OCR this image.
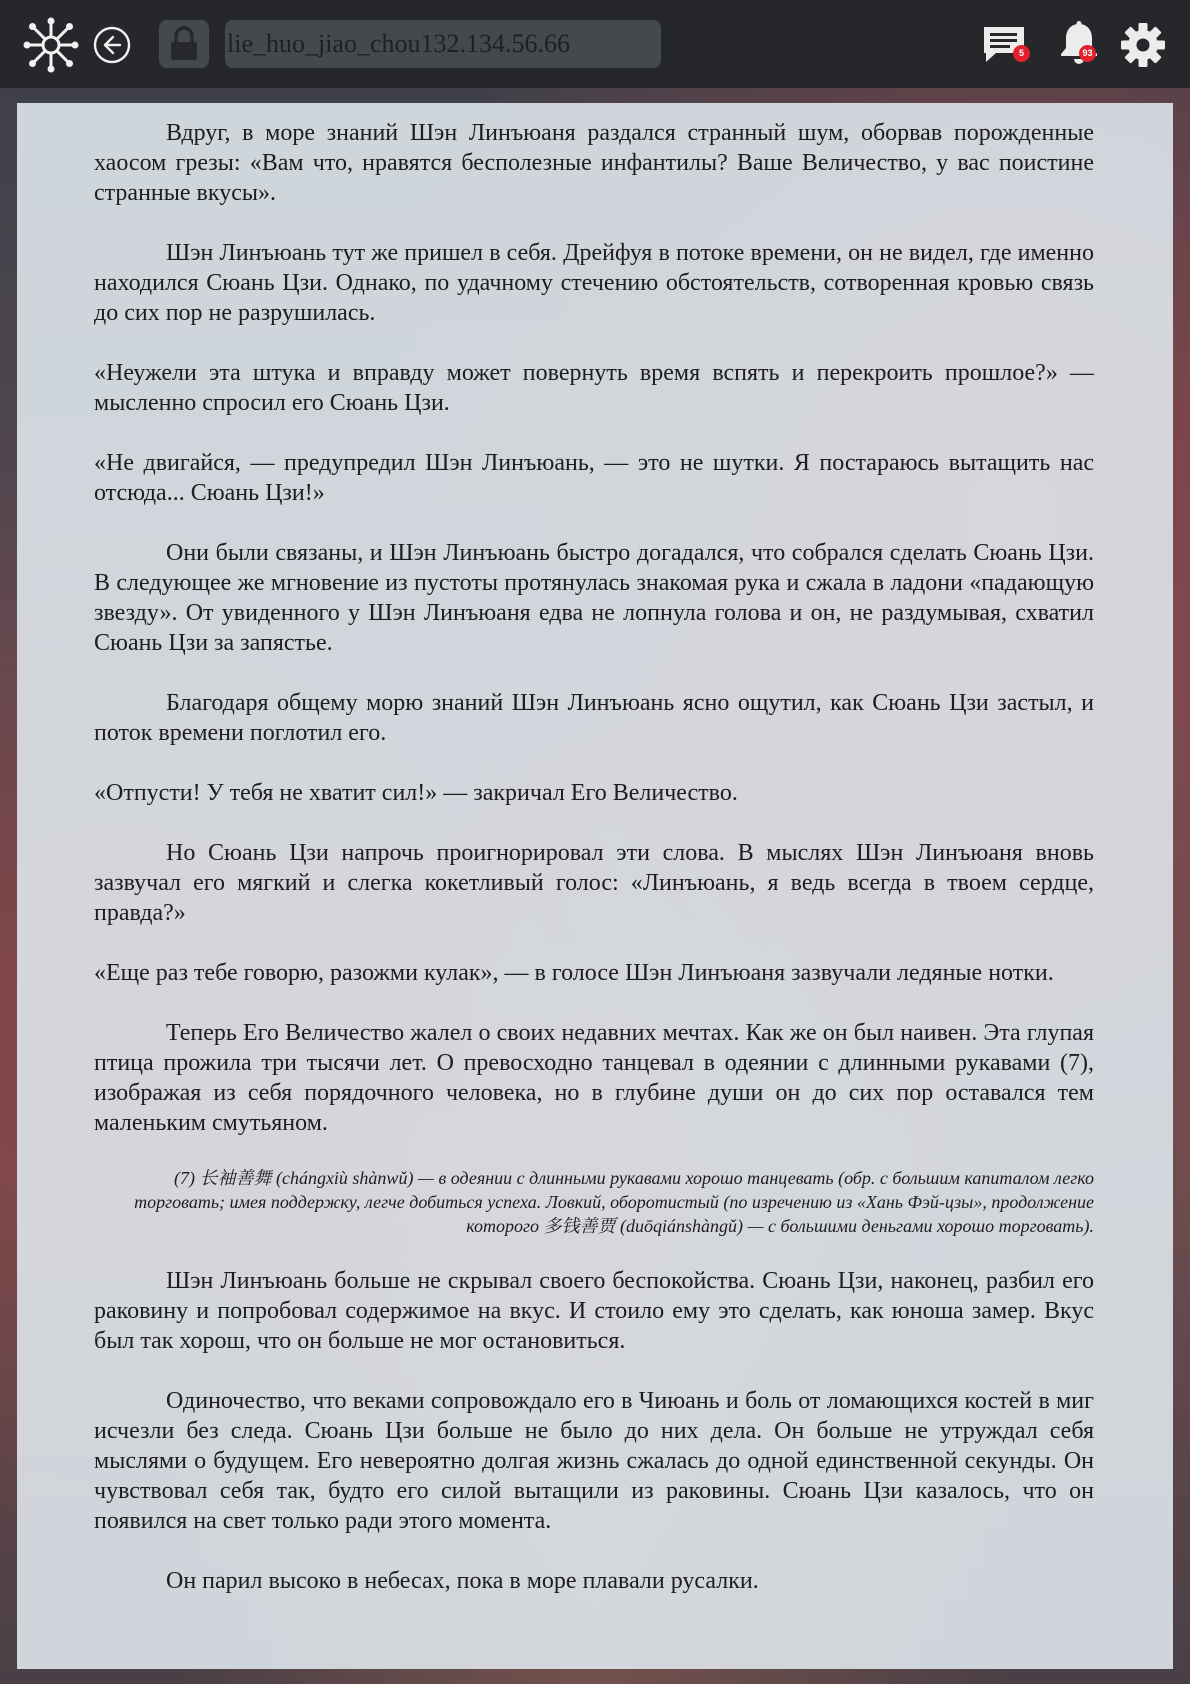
lie_huo_jiao_chou132.134.56.66	5	93

Вдруг, в море знаний Шэн Линъюаня раздался странный шум, оборвав порожденные хаосом грезы: «Вам что, нравятся бесполезные инфантилы? Ваше Величество, у вас поистине странные вкусы».

Шэн Линъюань тут же пришел в себя. Дрейфуя в потоке времени, он не видел, где именно находился Сюань Цзи. Однако, по удачному стечению обстоятельств, сотворенная кровью связь до сих пор не разрушилась.

«Неужели эта штука и вправду может повернуть время вспять и перекроить прошлое?» — мысленно спросил его Сюань Цзи.

«Не двигайся, — предупредил Шэн Линъюань, — это не шутки. Я постараюсь вытащить нас отсюда... Сюань Цзи!»

Они были связаны, и Шэн Линъюань быстро догадался, что собрался сделать Сюань Цзи. В следующее же мгновение из пустоты протянулась знакомая рука и сжала в ладони «падающую звезду». От увиденного у Шэн Линъюаня едва не лопнула голова и он, не раздумывая, схватил Сюань Цзи за запястье.

Благодаря общему морю знаний Шэн Линъюань ясно ощутил, как Сюань Цзи застыл, и поток времени поглотил его.

«Отпусти! У тебя не хватит сил!» — закричал Его Величество.

Но Сюань Цзи напрочь проигнорировал эти слова. В мыслях Шэн Линъюаня вновь зазвучал его мягкий и слегка кокетливый голос: «Линъюань, я ведь всегда в твоем сердце, правда?»

«Еще раз тебе говорю, разожми кулак», — в голосе Шэн Линъюаня зазвучали ледяные нотки.

Теперь Его Величество жалел о своих недавних мечтах. Как же он был наивен. Эта глупая птица прожила три тысячи лет. О превосходно танцевал в одеянии с длинными рукавами (7), изображая из себя порядочного человека, но в глубине души он до сих пор оставался тем маленьким смутьяном.

(7) 长袖善舞 (chángxiù shànwǔ) — в одеянии с длинными рукавами хорошо танцевать (обр. с большим капиталом легко торговать; имея поддержку, легче добиться успеха. Ловкий, оборотистый (по изречению из «Хань Фэй-цзы», продолжение которого 多钱善贾 (duōqiánshàngǔ) — с большими деньгами хорошо торговать).

Шэн Линъюань больше не скрывал своего беспокойства. Сюань Цзи, наконец, разбил его раковину и попробовал содержимое на вкус. И стоило ему это сделать, как юноша замер. Вкус был так хорош, что он больше не мог остановиться.

Одиночество, что веками сопровождало его в Чиюань и боль от ломающихся костей в миг исчезли без следа. Сюань Цзи больше не было до них дела. Он больше не утруждал себя мыслями о будущем. Его невероятно долгая жизнь сжалась до одной единственной секунды. Он чувствовал себя так, будто его силой вытащили из раковины. Сюань Цзи казалось, что он появился на свет только ради этого момента.

Он парил высоко в небесах, пока в море плавали русалки.
